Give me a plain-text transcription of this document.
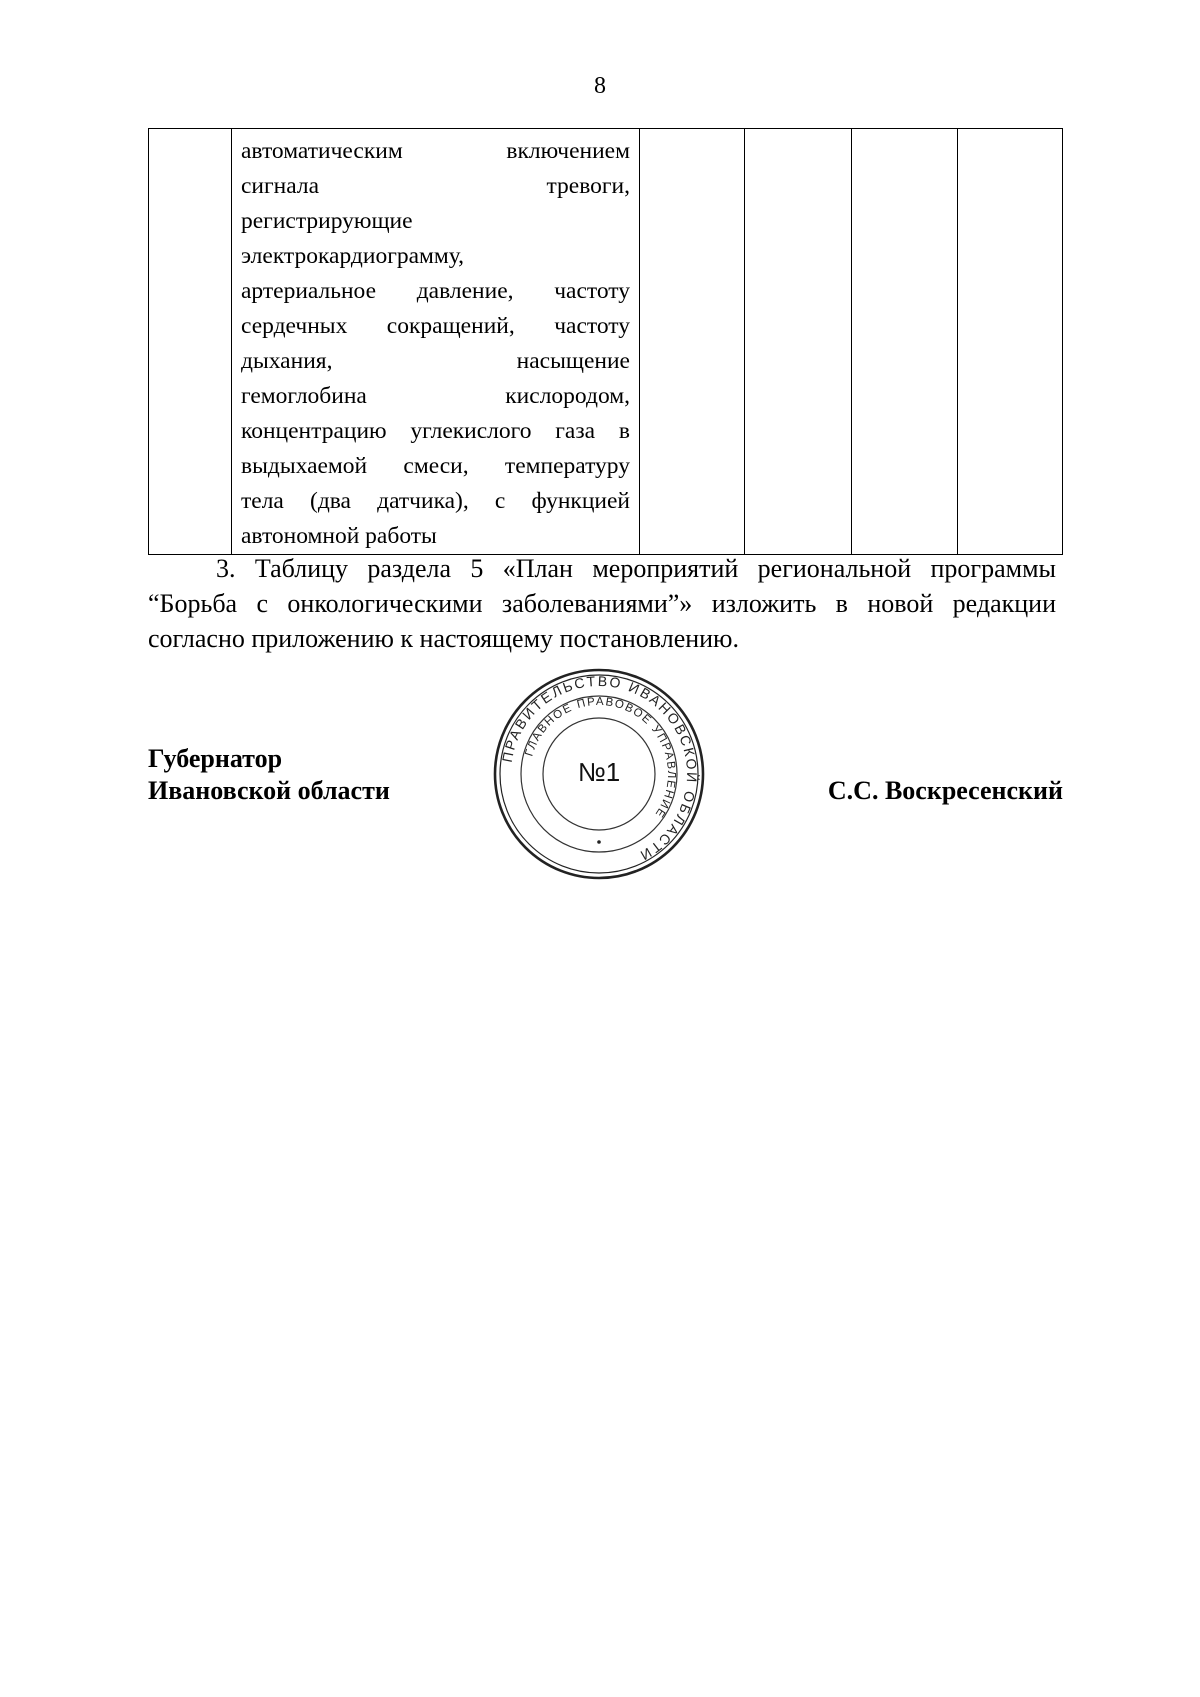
8

автоматическим включением
сигнала тревоги,
регистрирующие
электрокардиограмму,
артериальное давление, частоту
сердечных сокращений, частоту
дыхания, насыщение
гемоглобина кислородом,
концентрацию углекислого газа в
выдыхаемой смеси, температуру
тела (два датчика), с функцией
автономной работы

3. Таблицу раздела 5 «План мероприятий региональной программы
“Борьба с онкологическими заболеваниями”» изложить в новой редакции
согласно приложению к настоящему постановлению.
Губернатор
Ивановской области
ПРАВИТЕЛЬСТВО ИВАНОВСКОЙ ОБЛАСТИ
ГЛАВНОЕ ПРАВОВОЕ УПРАВЛЕНИЕ
№1
С.С. Воскресенский
